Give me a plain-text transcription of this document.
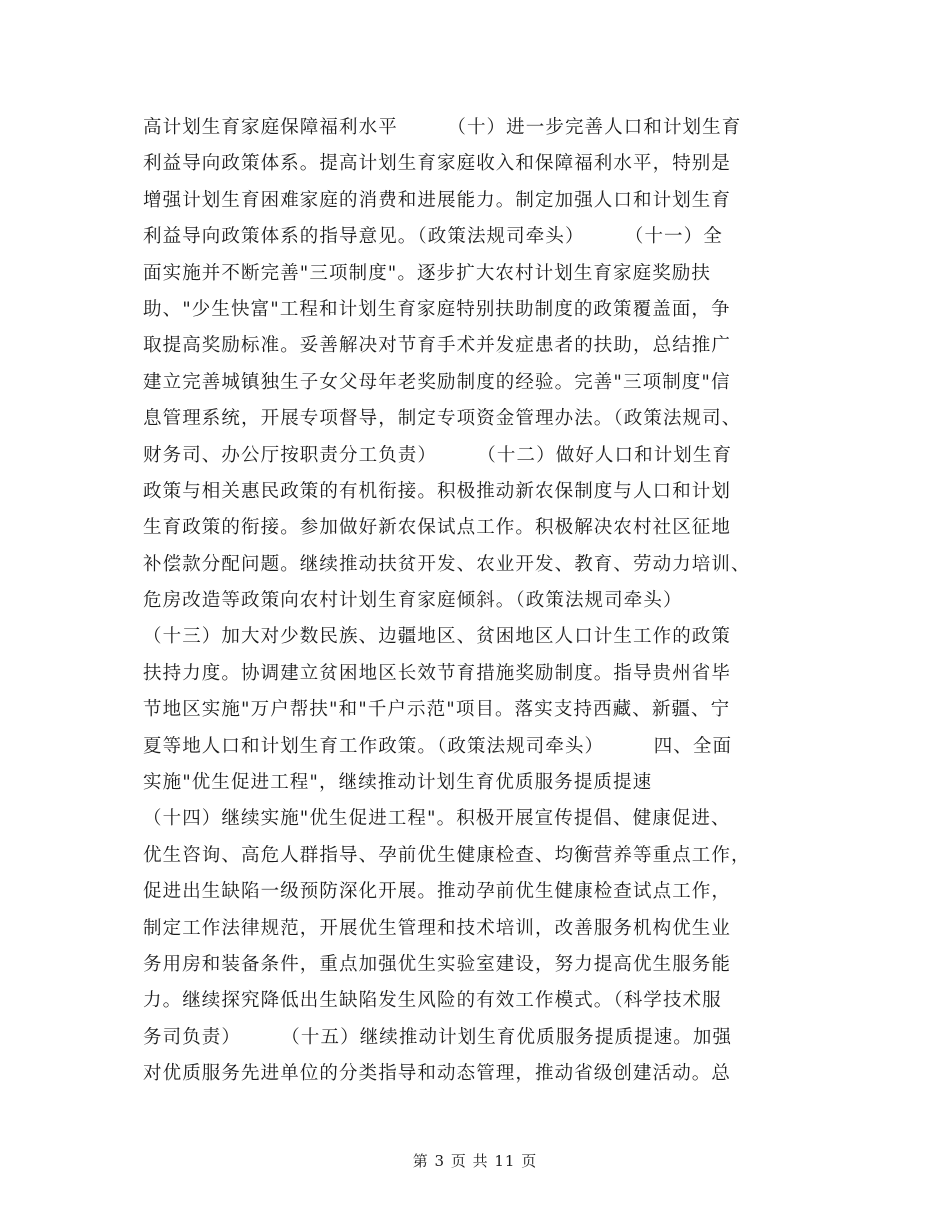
高计划生育家庭保障福利水平　　　（十）进一步完善人口和计划生育
利益导向政策体系。提高计划生育家庭收入和保障福利水平，特别是
增强计划生育困难家庭的消费和进展能力。制定加强人口和计划生育
利益导向政策体系的指导意见。（政策法规司牵头）　　　（十一）全
面实施并不断完善"三项制度"。逐步扩大农村计划生育家庭奖励扶
助、"少生快富"工程和计划生育家庭特别扶助制度的政策覆盖面，争
取提高奖励标准。妥善解决对节育手术并发症患者的扶助，总结推广
建立完善城镇独生子女父母年老奖励制度的经验。完善"三项制度"信
息管理系统，开展专项督导，制定专项资金管理办法。（政策法规司、
财务司、办公厅按职责分工负责）　　　（十二）做好人口和计划生育
政策与相关惠民政策的有机衔接。积极推动新农保制度与人口和计划
生育政策的衔接。参加做好新农保试点工作。积极解决农村社区征地
补偿款分配问题。继续推动扶贫开发、农业开发、教育、劳动力培训、
危房改造等政策向农村计划生育家庭倾斜。（政策法规司牵头）
（十三）加大对少数民族、边疆地区、贫困地区人口计生工作的政策
扶持力度。协调建立贫困地区长效节育措施奖励制度。指导贵州省毕
节地区实施"万户帮扶"和"千户示范"项目。落实支持西藏、新疆、宁
夏等地人口和计划生育工作政策。（政策法规司牵头）　　　四、全面
实施"优生促进工程"，继续推动计划生育优质服务提质提速
（十四）继续实施"优生促进工程"。积极开展宣传提倡、健康促进、
优生咨询、高危人群指导、孕前优生健康检查、均衡营养等重点工作，
促进出生缺陷一级预防深化开展。推动孕前优生健康检查试点工作，
制定工作法律规范，开展优生管理和技术培训，改善服务机构优生业
务用房和装备条件，重点加强优生实验室建设，努力提高优生服务能
力。继续探究降低出生缺陷发生风险的有效工作模式。（科学技术服
务司负责）　　　（十五）继续推动计划生育优质服务提质提速。加强
对优质服务先进单位的分类指导和动态管理，推动省级创建活动。总
第 3 页 共 11 页
